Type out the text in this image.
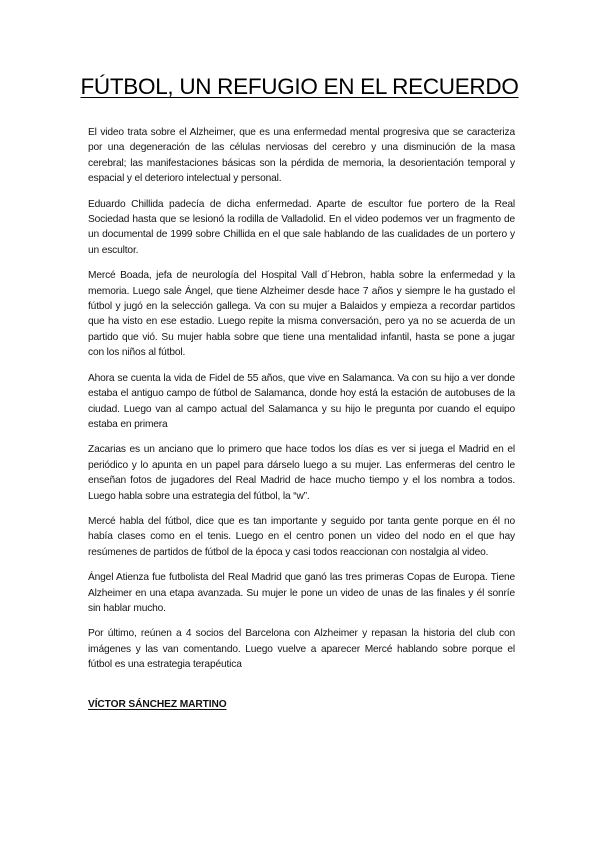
FÚTBOL, UN REFUGIO EN EL RECUERDO

El video trata sobre el Alzheimer, que es una enfermedad mental progresiva que se caracteriza por una degeneración de las células nerviosas del cerebro y una disminución de la masa cerebral; las manifestaciones básicas son la pérdida de memoria, la desorientación temporal y espacial y el deterioro intelectual y personal.

Eduardo Chillida padecía de dicha enfermedad. Aparte de escultor fue portero de la Real Sociedad hasta que se lesionó la rodilla de Valladolid. En el video podemos ver un fragmento de un documental de 1999 sobre Chillida en el que sale hablando de las cualidades de un portero y un escultor.

Mercé Boada, jefa de neurología del Hospital Vall d´Hebron, habla sobre la enfermedad y la memoria. Luego sale Ángel, que tiene Alzheimer desde hace 7 años y siempre le ha gustado el fútbol y jugó en la selección gallega. Va con su mujer a Balaidos y empieza a recordar partidos que ha visto en ese estadio. Luego repite la misma conversación, pero ya no se acuerda de un partido que vió. Su mujer habla sobre que tiene una mentalidad infantil, hasta se pone a jugar con los niños al fútbol.

Ahora se cuenta la vida de Fidel de 55 años, que vive en Salamanca. Va con su hijo a ver donde estaba el antiguo campo de fútbol de Salamanca, donde hoy está la estación de autobuses de la ciudad. Luego van al campo actual del Salamanca y su hijo le pregunta por cuando el equipo estaba en primera

Zacarias es un anciano que lo primero que hace todos los días es ver si juega el Madrid en el periódico y lo apunta en un papel para dárselo luego a su mujer. Las enfermeras del centro le enseñan fotos de jugadores del Real Madrid de hace mucho tiempo y el los nombra a todos. Luego habla sobre una estrategia del fútbol, la “w”.

Mercé habla del fútbol, dice que es tan importante y seguido por tanta gente porque en él no había clases como en el tenis. Luego en el centro ponen un video del nodo en el que hay resúmenes de partidos de fútbol de la época y casi todos reaccionan con nostalgia al video.

Ángel Atienza fue futbolista del Real Madrid que ganó las tres primeras Copas de Europa. Tiene Alzheimer en una etapa avanzada. Su mujer le pone un video de unas de las finales y él sonríe sin hablar mucho.

Por último, reúnen a 4 socios del Barcelona con Alzheimer y repasan la historia del club con imágenes y las van comentando. Luego vuelve a aparecer Mercé hablando sobre porque el fútbol es una estrategia terapéutica

VÍCTOR SÁNCHEZ MARTINO
